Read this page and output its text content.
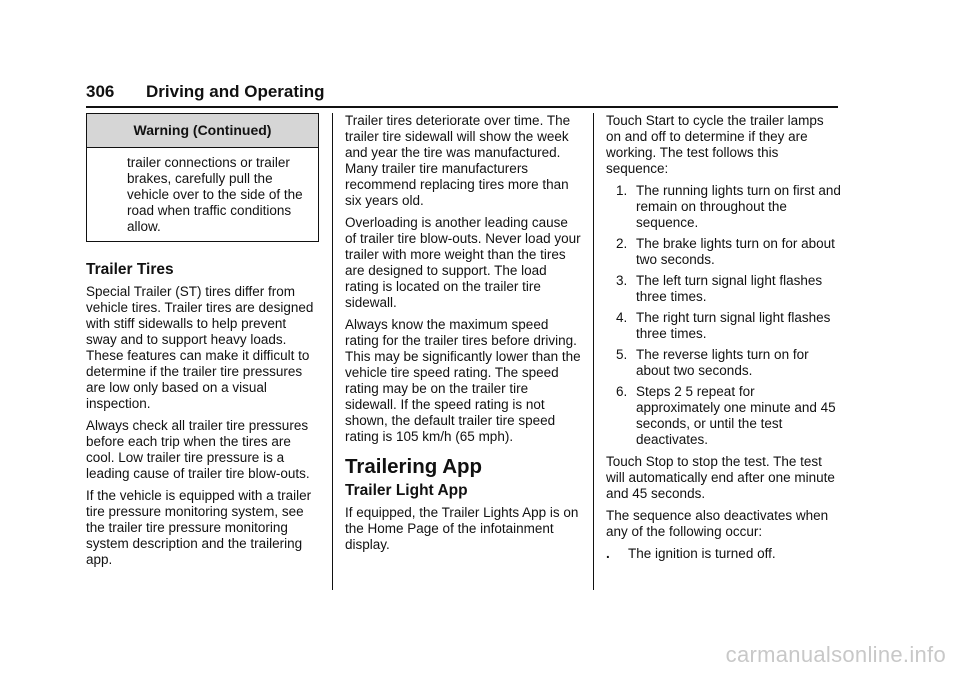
306 Driving and Operating
Warning (Continued)

trailer connections or trailer brakes, carefully pull the vehicle over to the side of the road when traffic conditions allow.

Trailer Tires

Special Trailer (ST) tires differ from vehicle tires. Trailer tires are designed with stiff sidewalls to help prevent sway and to support heavy loads. These features can make it difficult to determine if the trailer tire pressures are low only based on a visual inspection.

Always check all trailer tire pressures before each trip when the tires are cool. Low trailer tire pressure is a leading cause of trailer tire blow-outs.

If the vehicle is equipped with a trailer tire pressure monitoring system, see the trailer tire pressure monitoring system description and the trailering app.

Trailer tires deteriorate over time. The trailer tire sidewall will show the week and year the tire was manufactured. Many trailer tire manufacturers recommend replacing tires more than six years old.

Overloading is another leading cause of trailer tire blow-outs. Never load your trailer with more weight than the tires are designed to support. The load rating is located on the trailer tire sidewall.

Always know the maximum speed rating for the trailer tires before driving. This may be significantly lower than the vehicle tire speed rating. The speed rating may be on the trailer tire sidewall. If the speed rating is not shown, the default trailer tire speed rating is 105 km/h (65 mph).

Trailering App
Trailer Light App

If equipped, the Trailer Lights App is on the Home Page of the infotainment display.

Touch Start to cycle the trailer lamps on and off to determine if they are working. The test follows this sequence:

1. The running lights turn on first and remain on throughout the sequence.
2. The brake lights turn on for about two seconds.
3. The left turn signal light flashes three times.
4. The right turn signal light flashes three times.
5. The reverse lights turn on for about two seconds.
6. Steps 2 5 repeat for approximately one minute and 45 seconds, or until the test deactivates.

Touch Stop to stop the test. The test will automatically end after one minute and 45 seconds.

The sequence also deactivates when any of the following occur:

. The ignition is turned off.
carmanualsonline.info
